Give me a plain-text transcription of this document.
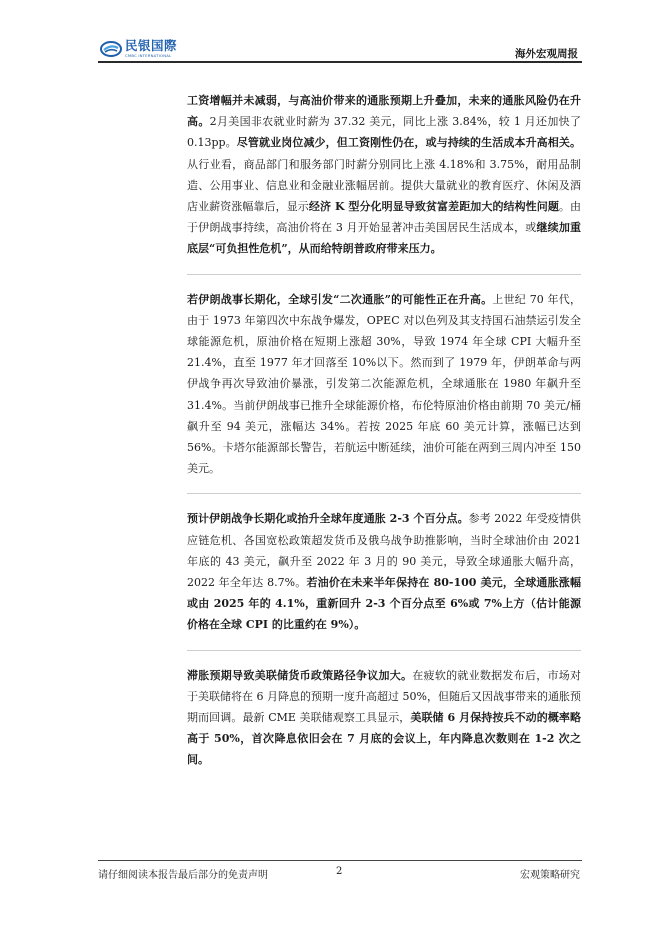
民银国際
CMBC INTERNATIONAL	海外宏观周报

工资增幅并未减弱，与高油价带来的通胀预期上升叠加，未来的通胀风险仍在升高。2月美国非农就业时薪为 37.32 美元，同比上涨 3.84%，较 1 月还加快了 0.13pp。尽管就业岗位减少，但工资刚性仍在，或与持续的生活成本升高相关。从行业看，商品部门和服务部门时薪分别同比上涨 4.18%和 3.75%，耐用品制造、公用事业、信息业和金融业涨幅居前。提供大量就业的教育医疗、休闲及酒店业薪资涨幅靠后，显示经济 K 型分化明显导致贫富差距加大的结构性问题。由于伊朗战事持续，高油价将在 3 月开始显著冲击美国居民生活成本，或继续加重底层“可负担性危机”，从而给特朗普政府带来压力。

若伊朗战事长期化，全球引发“二次通胀”的可能性正在升高。上世纪 70 年代，由于 1973 年第四次中东战争爆发，OPEC 对以色列及其支持国石油禁运引发全球能源危机，原油价格在短期上涨超 30%，导致 1974 年全球 CPI 大幅升至 21.4%，直至 1977 年才回落至 10%以下。然而到了 1979 年，伊朗革命与两伊战争再次导致油价暴涨，引发第二次能源危机，全球通胀在 1980 年飙升至 31.4%。当前伊朗战事已推升全球能源价格，布伦特原油价格由前期 70 美元/桶飙升至 94 美元，涨幅达 34%。若按 2025 年底 60 美元计算，涨幅已达到 56%。卡塔尔能源部长警告，若航运中断延续，油价可能在两到三周内冲至 150 美元。

预计伊朗战争长期化或抬升全球年度通胀 2-3 个百分点。参考 2022 年受疫情供应链危机、各国宽松政策超发货币及俄乌战争助推影响，当时全球油价由 2021 年底的 43 美元，飙升至 2022 年 3 月的 90 美元，导致全球通胀大幅升高，2022 年全年达 8.7%。若油价在未来半年保持在 80-100 美元，全球通胀涨幅或由 2025 年的 4.1%，重新回升 2-3 个百分点至 6%或 7%上方（估计能源价格在全球 CPI 的比重约在 9%）。

滞胀预期导致美联储货币政策路径争议加大。在疲软的就业数据发布后，市场对于美联储将在 6 月降息的预期一度升高超过 50%，但随后又因战事带来的通胀预期而回调。最新 CME 美联储观察工具显示，美联储 6 月保持按兵不动的概率略高于 50%，首次降息依旧会在 7 月底的会议上，年内降息次数则在 1-2 次之间。

请仔细阅读本报告最后部分的免责声明	2	宏观策略研究
